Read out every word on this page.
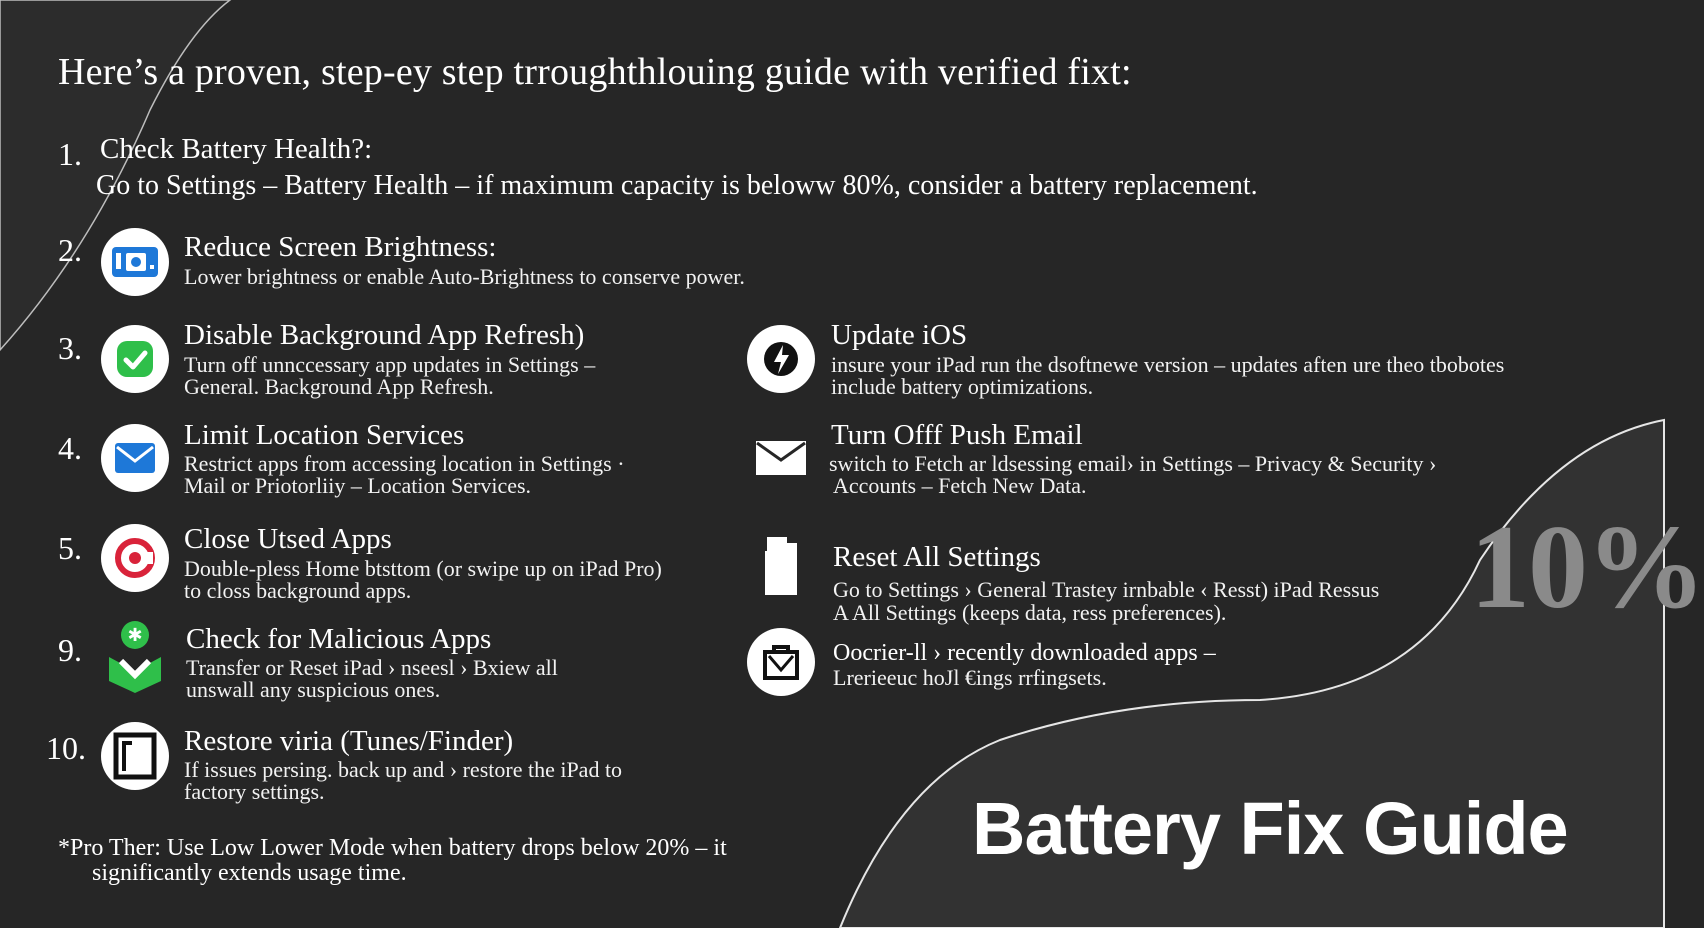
Here’s a proven, step-ey step trroughthlouing guide with verified fixt:
1. Check Battery Health?:
Go to Settings – Battery Health – if maximum capacity is beloww 80%, consider a battery replacement.
2.	Reduce Screen Brightness:
Lower brightness or enable Auto-Brightness to conserve power.
3.	Disable Background App Refresh)
Turn off unnccessary app updates in Settings –
General. Background App Refresh.
4.	Limit Location Services
Restrict apps from accessing location in Settings ·
Mail or Priotorliiy – Location Services.
5.	Close Utsed Apps
Double-pless Home btsttom (or swipe up on iPad Pro)
to closs background apps.
9.	✱ Check for Malicious Apps
Transfer or Reset iPad › nseesl › Bxiew all
unswall any suspicious ones.
10.	Restore viria (Tunes/Finder)
If issues persing. back up and › restore the iPad to
factory settings.
Update iOS
insure your iPad run the dsoftnewe version – updates aften ure theo tbobotes
include battery optimizations.
Turn Offf Push Email
switch to Fetch ar ldsessing email› in Settings – Privacy & Security ›
Accounts – Fetch New Data.
Reset All Settings
Go to Settings › General Trastey irnbable ‹ Resst) iPad Ressus
A All Settings (keeps data, ress preferences).
Oocrier-ll › recently downloaded apps –
Lrerieeuc hoJl €ings rrfingsets.
10%
*Pro Ther: Use Low Lower Mode when battery drops below 20% – it
significantly extends usage time.
Battery Fix Guide
